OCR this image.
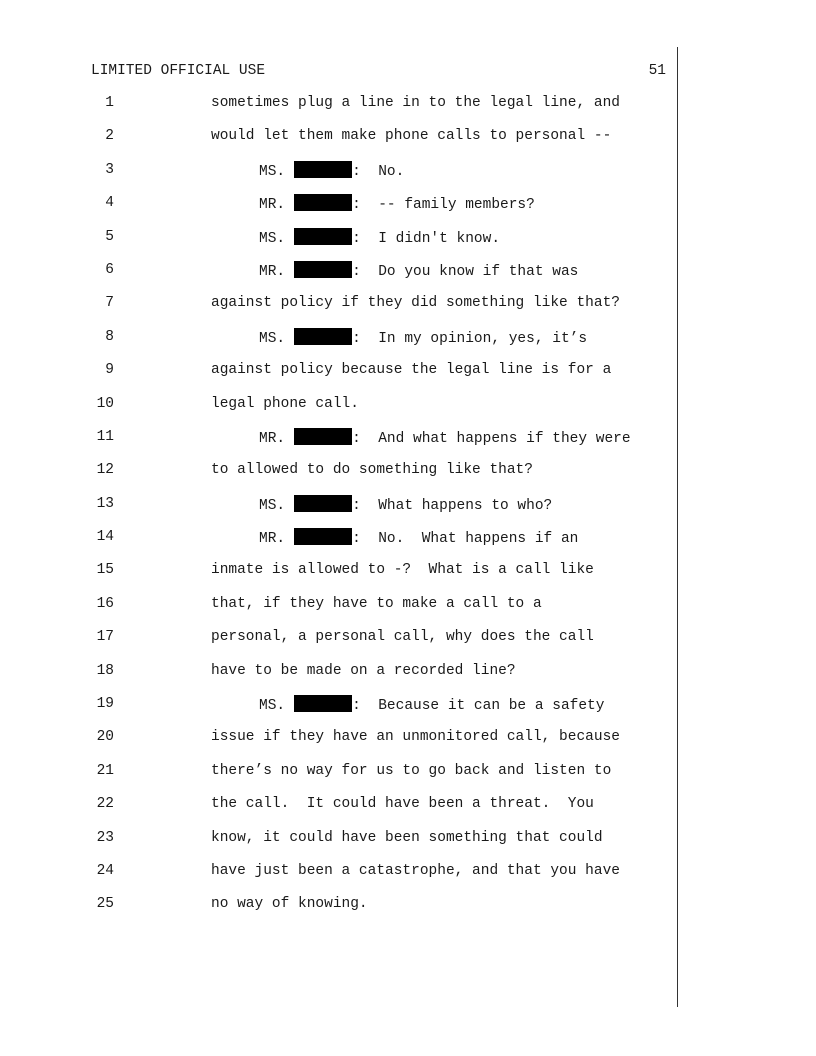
LIMITED OFFICIAL USE	51
1	sometimes plug a line in to the legal line, and
2	would let them make phone calls to personal --
3	MS.	:  No.
4	MR.	:  -- family members?
5	MS.	:  I didn't know.
6	MR.	:  Do you know if that was
7	against policy if they did something like that?
8	MS.	:  In my opinion, yes, it’s
9	against policy because the legal line is for a
10	legal phone call.
11	MR.	:  And what happens if they were
12	to allowed to do something like that?
13	MS.	:  What happens to who?
14	MR.	:  No.  What happens if an
15	inmate is allowed to -?  What is a call like
16	that, if they have to make a call to a
17	personal, a personal call, why does the call
18	have to be made on a recorded line?
19	MS.	:  Because it can be a safety
20	issue if they have an unmonitored call, because
21	there’s no way for us to go back and listen to
22	the call.  It could have been a threat.  You
23	know, it could have been something that could
24	have just been a catastrophe, and that you have
25	no way of knowing.
